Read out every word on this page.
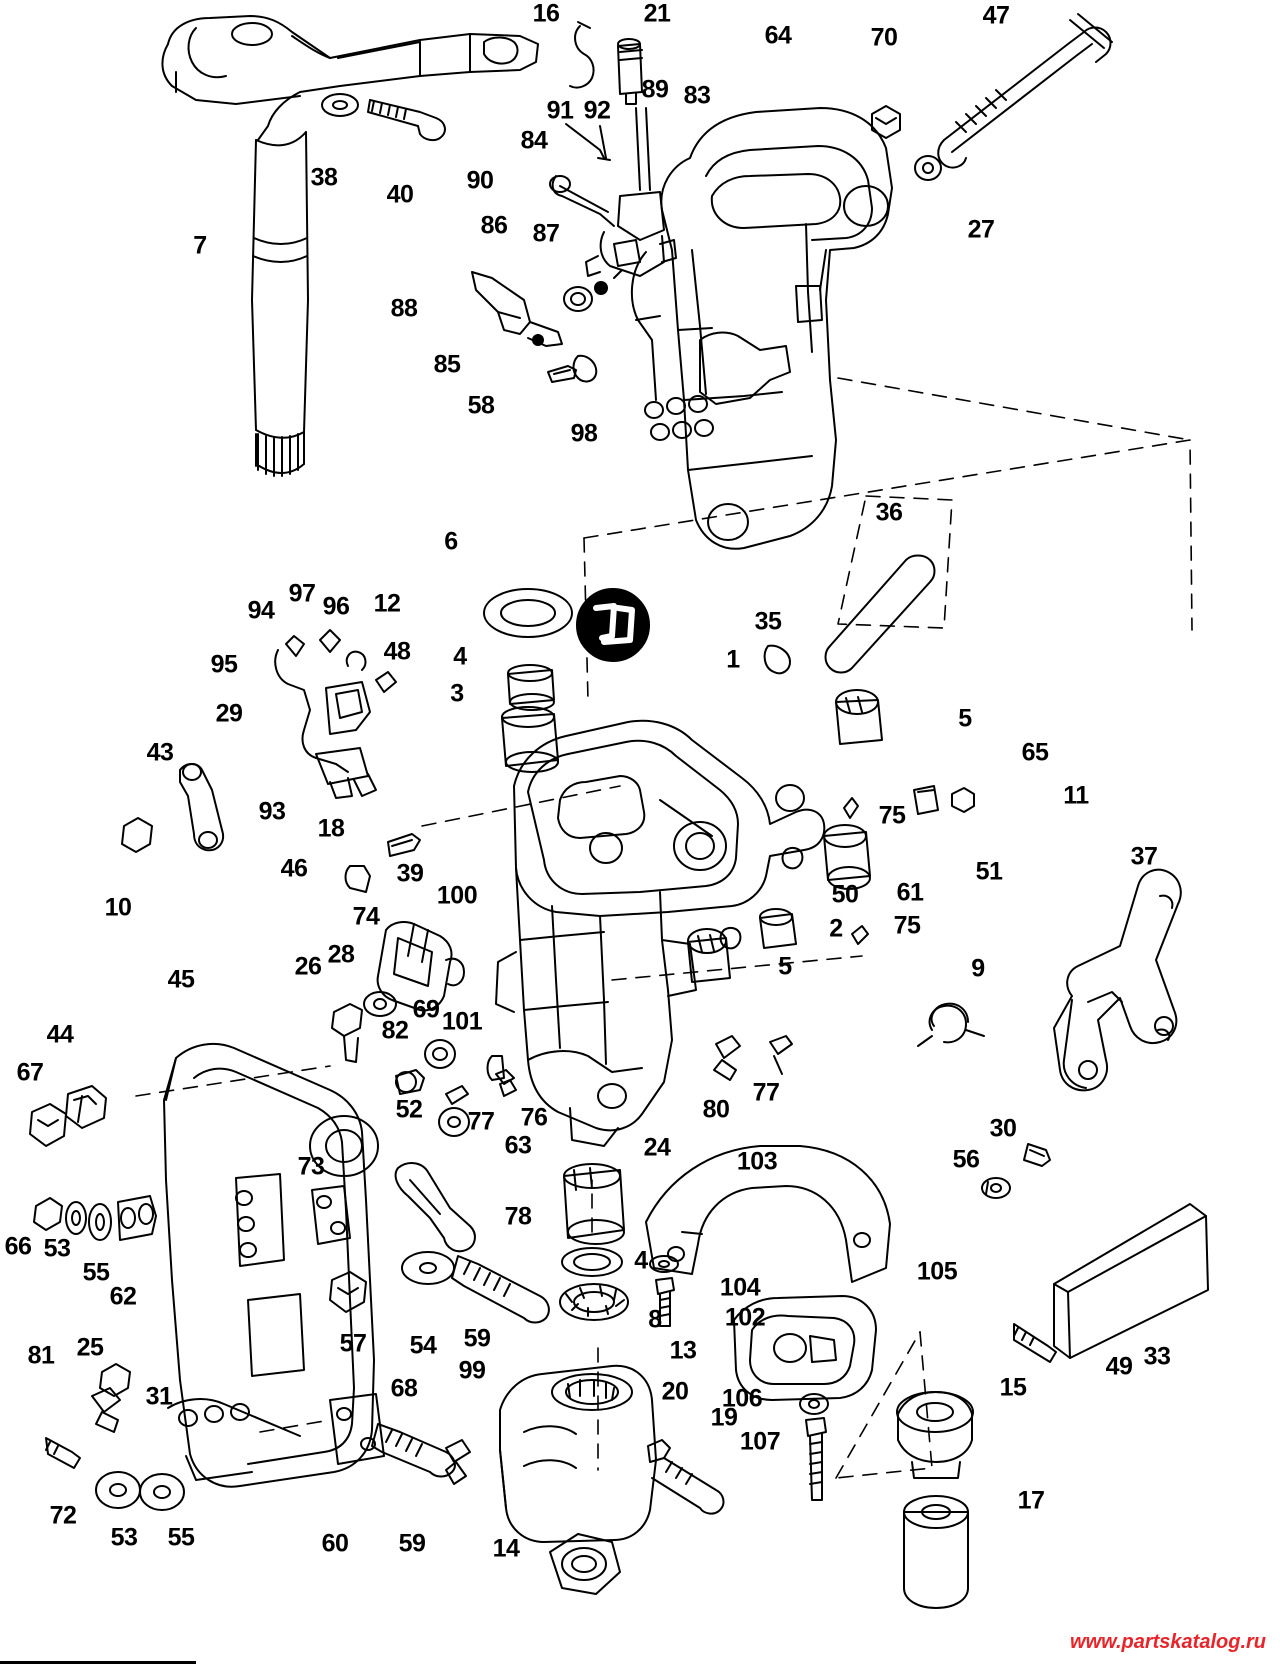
16	21
64	70
47
89 83
91 92
84
38
40 90
27
86 87
7
88
85
58
98
36
6
35
94
97 96 12
95	48 4	1
3
29	5
65
43
11
75
93
18
51
61
46	39
10
37
100	50
74	75
2
5
26 28	9
45
69
82 101
44
67
30
80
77
52 77 76
56
63
73
24	103
66 53
55
62
78
4
104
105
33
57 54 59
8	102
49
99
13
106	15
81 25
68	20
19
107
31
17
72
53 55	60 59	14
www.partskatalog.ru
